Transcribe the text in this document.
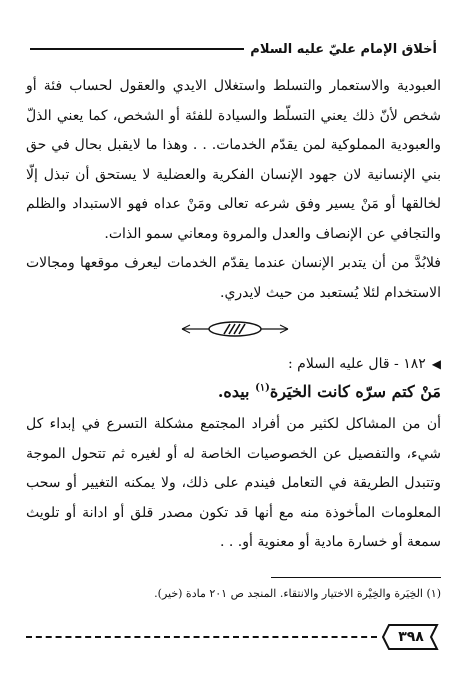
أخلاق الإمام عليّ عليه السلام

العبودية والاستعمار والتسلط واستغلال الايدي والعقول لحساب فئة أو شخص لأنّ ذلك يعني التسلّط والسيادة للفئة أو الشخص، كما يعني الذلّ والعبودية المملوكية لمن يقدّم الخدمات. . . وهذا ما لايقبل بحال في حق بني الإنسانية لان جهود الإنسان الفكرية والعضلية لا يستحق أن تبذل إلّا لخالقها أو مَنْ يسير وفق شرعه تعالى ومَنْ عداه فهو الاستبداد والظلم والتجافي عن الإنصاف والعدل والمروة ومعاني سمو الذات.

فلابُدَّ من أن يتدبر الإنسان عندما يقدّم الخدمات ليعرف موقعها ومجالات الاستخدام لئلا يُستعبد من حيث لايدري.

◀
١٨٢ - قال عليه السلام :
مَنْ كتم سرّه كانت الخيَرة$^{(١)}$ بيده.

أن من المشاكل لكثير من أفراد المجتمع مشكلة التسرع في إبداء كل شيء، والتفصيل عن الخصوصيات الخاصة له أو لغيره ثم تتحول الموجة وتتبدل الطريقة في التعامل فيندم على ذلك، ولا يمكنه التغيير أو سحب المعلومات المأخوذة منه مع أنها قد تكون مصدر قلق أو ادانة أو تلويث سمعة أو خسارة مادية أو معنوية أو. . .

(١) الخِيَرة والخِيْرة الاختيار والانتقاء. المنجد ص ٢٠١ مادة (خير).
٣٩٨
